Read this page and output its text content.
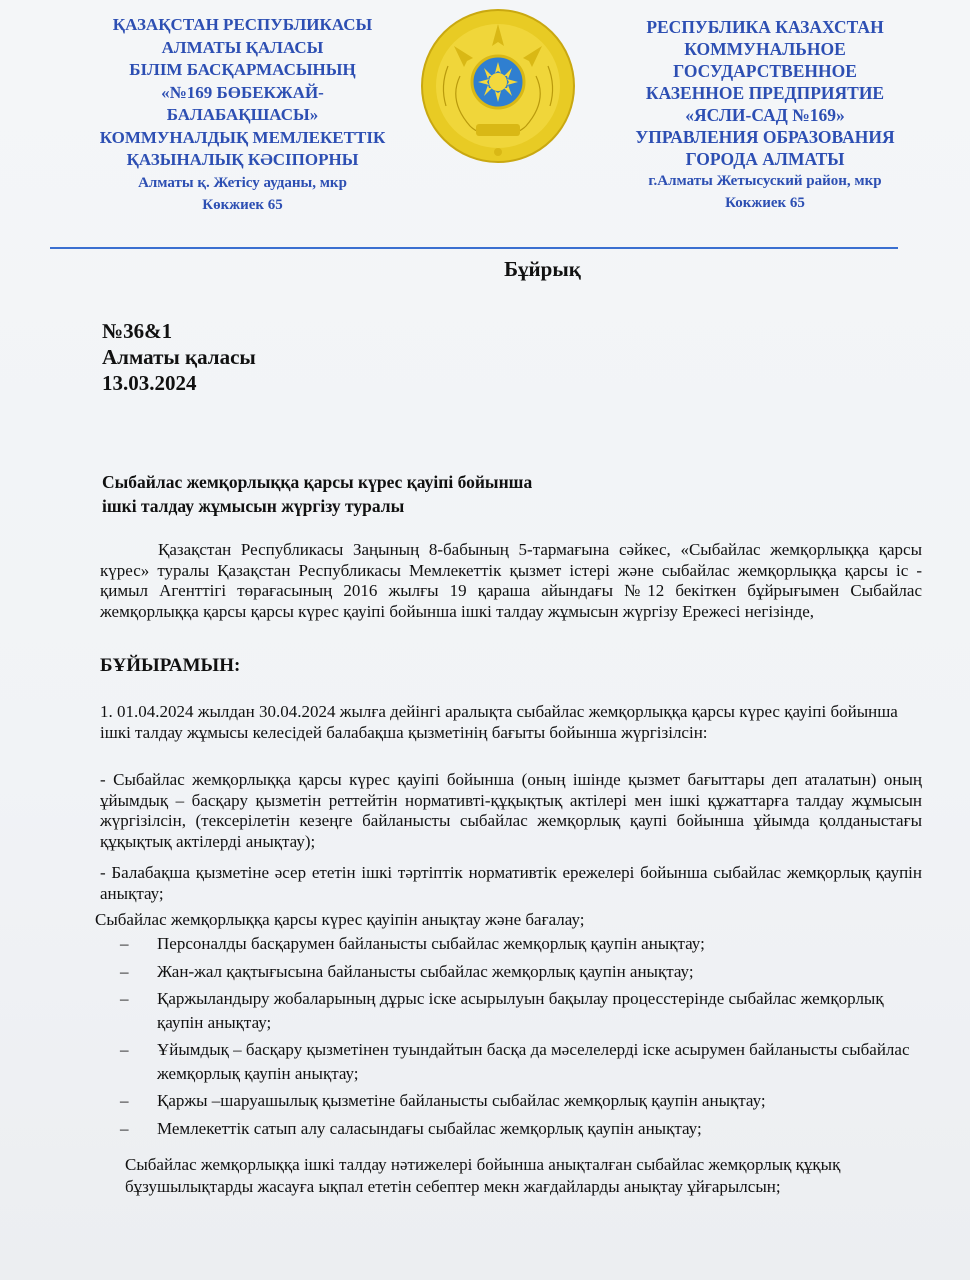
ҚАЗАҚСТАН РЕСПУБЛИКАСЫ
АЛМАТЫ ҚАЛАСЫ
БІЛІМ БАСҚАРМАСЫНЫҢ
«№169 БӨБЕКЖАЙ-
БАЛАБАҚШАСЫ»
КОММУНАЛДЫҚ МЕМЛЕКЕТТІК
ҚАЗЫНАЛЫҚ КӘСІПОРНЫ
Алматы қ. Жетісу ауданы, мкр
Көкжиек 65
РЕСПУБЛИКА КАЗАХСТАН
КОММУНАЛЬНОЕ
ГОСУДАРСТВЕННОЕ
КАЗЕННОЕ ПРЕДПРИЯТИЕ
«ЯСЛИ-САД №169»
УПРАВЛЕНИЯ ОБРАЗОВАНИЯ
ГОРОДА АЛМАТЫ
г.Алматы Жетысуский район, мкр
Кокжиек 65
Бұйрық
№36&1
Алматы қаласы
13.03.2024
Сыбайлас жемқорлыққа қарсы күрес қауіпі бойынша
ішкі талдау жұмысын жүргізу туралы
Қазақстан Республикасы Заңының 8-бабының 5-тармағына сәйкес, «Сыбайлас жемқорлыққа қарсы күрес» туралы Қазақстан Республикасы Мемлекеттік қызмет істері және сыбайлас жемқорлыққа қарсы іс - қимыл Агенттігі төрағасының 2016 жылғы 19 қараша айындағы №12 бекіткен бұйрығымен Сыбайлас жемқорлыққа қарсы қарсы күрес қауіпі бойынша ішкі талдау жұмысын жүргізу Ережесі негізінде,
БҰЙЫРАМЫН:
1. 01.04.2024 жылдан 30.04.2024 жылға дейінгі аралықта сыбайлас жемқорлыққа қарсы күрес қауіпі бойынша ішкі талдау жұмысы келесідей балабақша қызметінің бағыты бойынша жүргізілсін:
- Сыбайлас жемқорлыққа қарсы күрес қауіпі бойынша (оның ішінде қызмет бағыттары деп аталатын) оның ұйымдық – басқару қызметін реттейтін нормативті-құқықтық актілері мен ішкі құжаттарға талдау жұмысын жүргізілсін, (тексерілетін кезеңге байланысты сыбайлас жемқорлық қаупі бойынша ұйымда қолданыстағы құқықтық актілерді анықтау);
- Балабақша қызметіне әсер ететін ішкі тәртіптік нормативтік ережелері бойынша сыбайлас жемқорлық қаупін анықтау;
Сыбайлас жемқорлыққа қарсы күрес қауіпін анықтау және бағалау;
– Персоналды басқарумен байланысты сыбайлас жемқорлық қаупін анықтау;
– Жан-жал қақтығысына байланысты сыбайлас жемқорлық қаупін анықтау;
– Қаржыландыру жобаларының дұрыс іске асырылуын бақылау процесстерінде сыбайлас жемқорлық қаупін анықтау;
– Ұйымдық – басқару қызметінен туындайтын басқа да мәселелерді іске асырумен байланысты сыбайлас жемқорлық қаупін анықтау;
– Қаржы –шаруашылық қызметіне байланысты сыбайлас жемқорлық қаупін анықтау;
– Мемлекеттік сатып алу саласындағы сыбайлас жемқорлық қаупін анықтау;
Сыбайлас жемқорлыққа ішкі талдау нәтижелері бойынша анықталған сыбайлас жемқорлық құқық бұзушылықтарды жасауға ықпал ететін себептер мекн жағдайларды анықтау ұйғарылсын;
